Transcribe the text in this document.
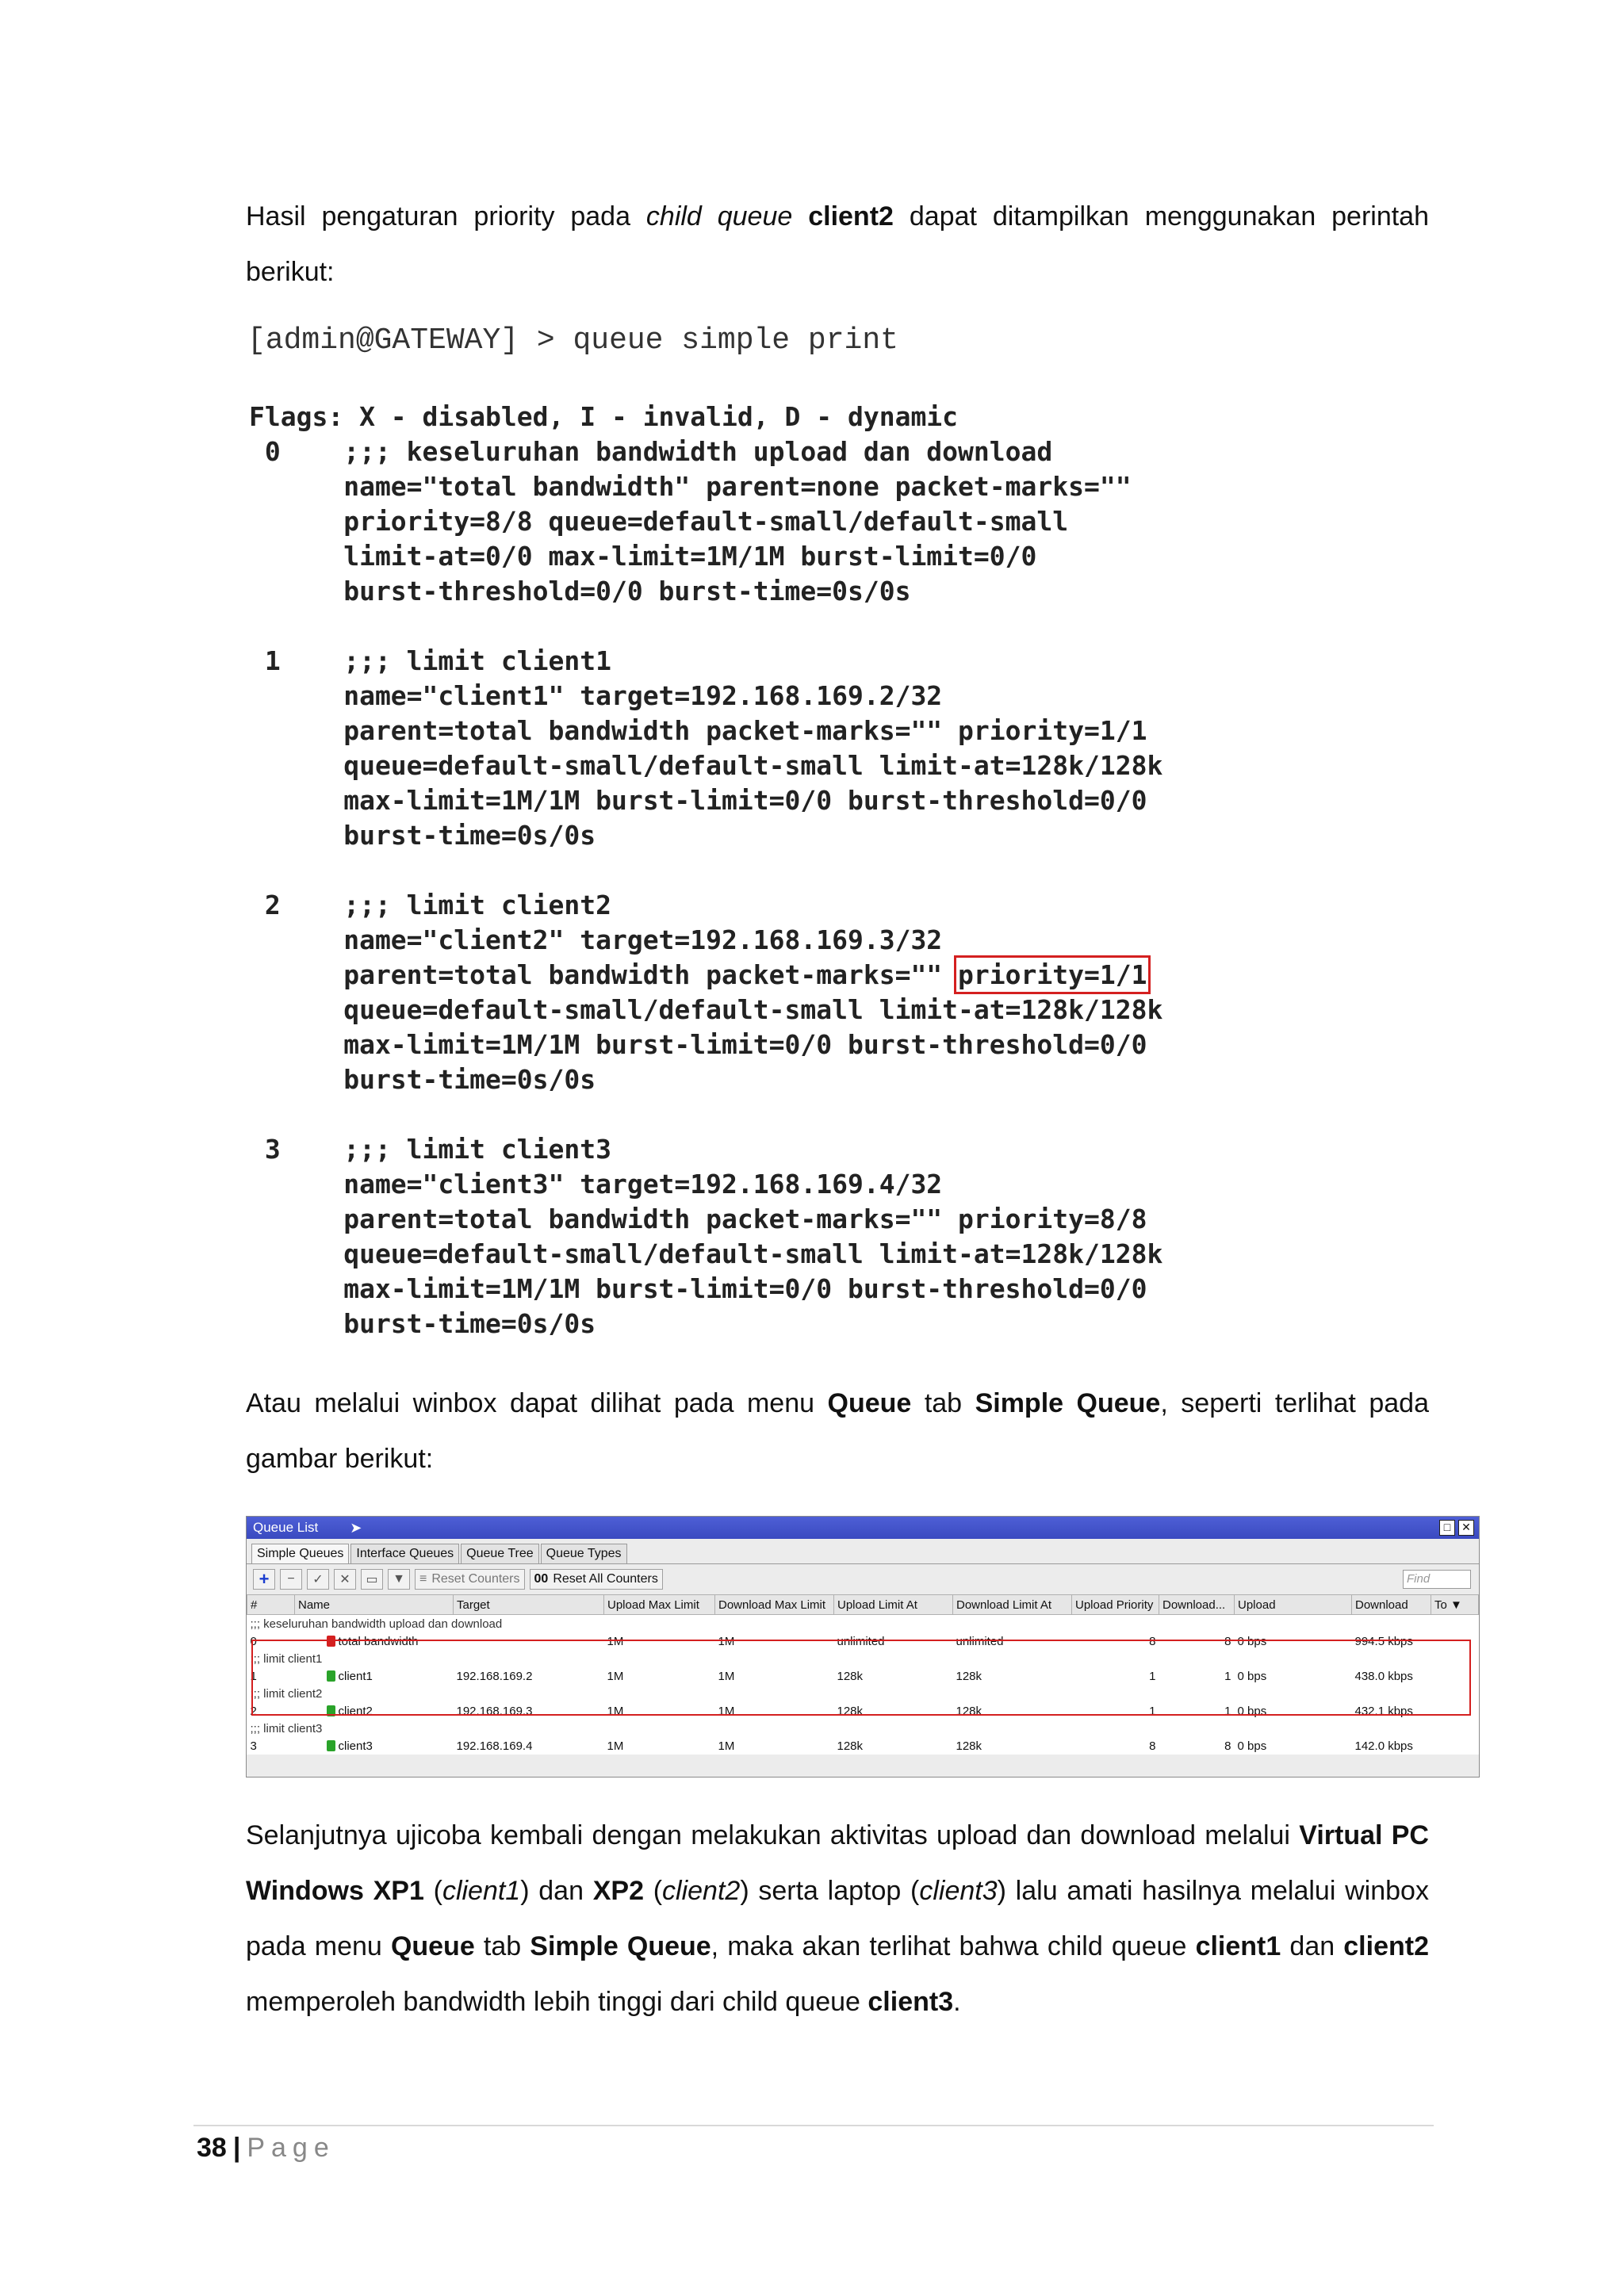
Hasil pengaturan priority pada child queue client2 dapat ditampilkan menggunakan perintah berikut:
[admin@GATEWAY] > queue simple print
Flags: X - disabled, I - invalid, D - dynamic
0    ;;; keseluruhan bandwidth upload dan download
name="total bandwidth" parent=none packet-marks=""
priority=8/8 queue=default-small/default-small
limit-at=0/0 max-limit=1M/1M burst-limit=0/0
burst-threshold=0/0 burst-time=0s/0s

1    ;;; limit client1
name="client1" target=192.168.169.2/32
parent=total bandwidth packet-marks="" priority=1/1
queue=default-small/default-small limit-at=128k/128k
max-limit=1M/1M burst-limit=0/0 burst-threshold=0/0
burst-time=0s/0s

2    ;;; limit client2
name="client2" target=192.168.169.3/32
parent=total bandwidth packet-marks="" priority=1/1
queue=default-small/default-small limit-at=128k/128k
max-limit=1M/1M burst-limit=0/0 burst-threshold=0/0
burst-time=0s/0s

3    ;;; limit client3
name="client3" target=192.168.169.4/32
parent=total bandwidth packet-marks="" priority=8/8
queue=default-small/default-small limit-at=128k/128k
max-limit=1M/1M burst-limit=0/0 burst-threshold=0/0
burst-time=0s/0s
Atau melalui winbox dapat dilihat pada menu Queue tab Simple Queue, seperti terlihat pada gambar berikut:
Queue List ➤	□ ✕
Simple Queues	Interface Queues	Queue Tree	Queue Types
+	−	✓	✕	▭	▼ ≡ Reset Counters 00 Reset All Counters	Find
#	Name	Target	Upload Max Limit	Download Max Limit	Upload Limit At	Download Limit At	Upload Priority	Download...	Upload	Download	To ▼
;;; keseluruhan bandwidth upload dan download											
0	total bandwidth		1M	1M	unlimited	unlimited	8	8	0 bps	994.5 kbps	
;;; limit client1											
1	client1	192.168.169.2	1M	1M	128k	128k	1	1	0 bps	438.0 kbps	
;;; limit client2											
2	client2	192.168.169.3	1M	1M	128k	128k	1	1	0 bps	432.1 kbps	
;;; limit client3											
3	client3	192.168.169.4	1M	1M	128k	128k	8	8	0 bps	142.0 kbps	
Selanjutnya ujicoba kembali dengan melakukan aktivitas upload dan download melalui Virtual PC Windows XP1 (client1) dan XP2 (client2) serta laptop (client3) lalu amati hasilnya melalui winbox pada menu Queue tab Simple Queue, maka akan terlihat bahwa child queue client1 dan client2 memperoleh bandwidth lebih tinggi dari child queue client3.
38 | Page
